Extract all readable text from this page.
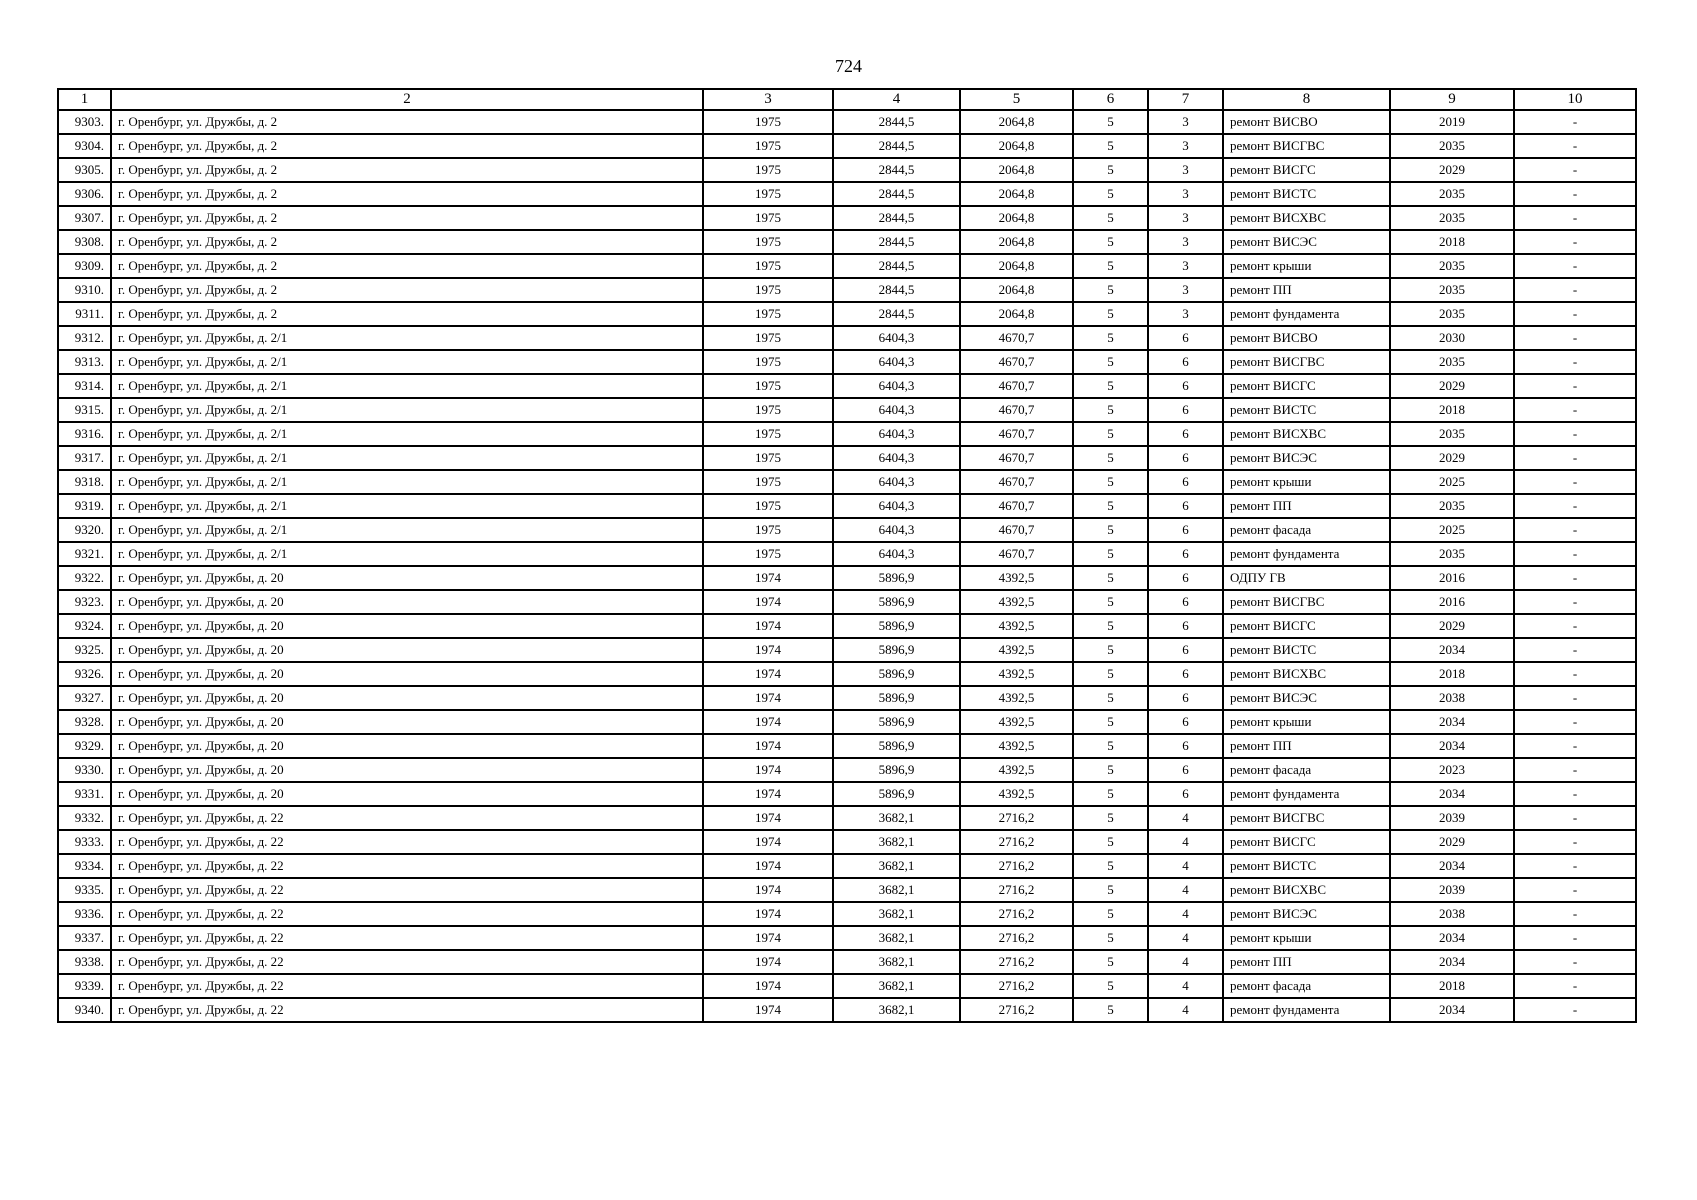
724
1	2	3	4	5	6	7	8	9	10
9303.	г. Оренбург, ул. Дружбы, д. 2	1975	2844,5	2064,8	5	3	ремонт ВИСВО	2019	-
9304.	г. Оренбург, ул. Дружбы, д. 2	1975	2844,5	2064,8	5	3	ремонт ВИСГВС	2035	-
9305.	г. Оренбург, ул. Дружбы, д. 2	1975	2844,5	2064,8	5	3	ремонт ВИСГС	2029	-
9306.	г. Оренбург, ул. Дружбы, д. 2	1975	2844,5	2064,8	5	3	ремонт ВИСТС	2035	-
9307.	г. Оренбург, ул. Дружбы, д. 2	1975	2844,5	2064,8	5	3	ремонт ВИСХВС	2035	-
9308.	г. Оренбург, ул. Дружбы, д. 2	1975	2844,5	2064,8	5	3	ремонт ВИСЭС	2018	-
9309.	г. Оренбург, ул. Дружбы, д. 2	1975	2844,5	2064,8	5	3	ремонт крыши	2035	-
9310.	г. Оренбург, ул. Дружбы, д. 2	1975	2844,5	2064,8	5	3	ремонт ПП	2035	-
9311.	г. Оренбург, ул. Дружбы, д. 2	1975	2844,5	2064,8	5	3	ремонт фундамента	2035	-
9312.	г. Оренбург, ул. Дружбы, д. 2/1	1975	6404,3	4670,7	5	6	ремонт ВИСВО	2030	-
9313.	г. Оренбург, ул. Дружбы, д. 2/1	1975	6404,3	4670,7	5	6	ремонт ВИСГВС	2035	-
9314.	г. Оренбург, ул. Дружбы, д. 2/1	1975	6404,3	4670,7	5	6	ремонт ВИСГС	2029	-
9315.	г. Оренбург, ул. Дружбы, д. 2/1	1975	6404,3	4670,7	5	6	ремонт ВИСТС	2018	-
9316.	г. Оренбург, ул. Дружбы, д. 2/1	1975	6404,3	4670,7	5	6	ремонт ВИСХВС	2035	-
9317.	г. Оренбург, ул. Дружбы, д. 2/1	1975	6404,3	4670,7	5	6	ремонт ВИСЭС	2029	-
9318.	г. Оренбург, ул. Дружбы, д. 2/1	1975	6404,3	4670,7	5	6	ремонт крыши	2025	-
9319.	г. Оренбург, ул. Дружбы, д. 2/1	1975	6404,3	4670,7	5	6	ремонт ПП	2035	-
9320.	г. Оренбург, ул. Дружбы, д. 2/1	1975	6404,3	4670,7	5	6	ремонт фасада	2025	-
9321.	г. Оренбург, ул. Дружбы, д. 2/1	1975	6404,3	4670,7	5	6	ремонт фундамента	2035	-
9322.	г. Оренбург, ул. Дружбы, д. 20	1974	5896,9	4392,5	5	6	ОДПУ ГВ	2016	-
9323.	г. Оренбург, ул. Дружбы, д. 20	1974	5896,9	4392,5	5	6	ремонт ВИСГВС	2016	-
9324.	г. Оренбург, ул. Дружбы, д. 20	1974	5896,9	4392,5	5	6	ремонт ВИСГС	2029	-
9325.	г. Оренбург, ул. Дружбы, д. 20	1974	5896,9	4392,5	5	6	ремонт ВИСТС	2034	-
9326.	г. Оренбург, ул. Дружбы, д. 20	1974	5896,9	4392,5	5	6	ремонт ВИСХВС	2018	-
9327.	г. Оренбург, ул. Дружбы, д. 20	1974	5896,9	4392,5	5	6	ремонт ВИСЭС	2038	-
9328.	г. Оренбург, ул. Дружбы, д. 20	1974	5896,9	4392,5	5	6	ремонт крыши	2034	-
9329.	г. Оренбург, ул. Дружбы, д. 20	1974	5896,9	4392,5	5	6	ремонт ПП	2034	-
9330.	г. Оренбург, ул. Дружбы, д. 20	1974	5896,9	4392,5	5	6	ремонт фасада	2023	-
9331.	г. Оренбург, ул. Дружбы, д. 20	1974	5896,9	4392,5	5	6	ремонт фундамента	2034	-
9332.	г. Оренбург, ул. Дружбы, д. 22	1974	3682,1	2716,2	5	4	ремонт ВИСГВС	2039	-
9333.	г. Оренбург, ул. Дружбы, д. 22	1974	3682,1	2716,2	5	4	ремонт ВИСГС	2029	-
9334.	г. Оренбург, ул. Дружбы, д. 22	1974	3682,1	2716,2	5	4	ремонт ВИСТС	2034	-
9335.	г. Оренбург, ул. Дружбы, д. 22	1974	3682,1	2716,2	5	4	ремонт ВИСХВС	2039	-
9336.	г. Оренбург, ул. Дружбы, д. 22	1974	3682,1	2716,2	5	4	ремонт ВИСЭС	2038	-
9337.	г. Оренбург, ул. Дружбы, д. 22	1974	3682,1	2716,2	5	4	ремонт крыши	2034	-
9338.	г. Оренбург, ул. Дружбы, д. 22	1974	3682,1	2716,2	5	4	ремонт ПП	2034	-
9339.	г. Оренбург, ул. Дружбы, д. 22	1974	3682,1	2716,2	5	4	ремонт фасада	2018	-
9340.	г. Оренбург, ул. Дружбы, д. 22	1974	3682,1	2716,2	5	4	ремонт фундамента	2034	-
